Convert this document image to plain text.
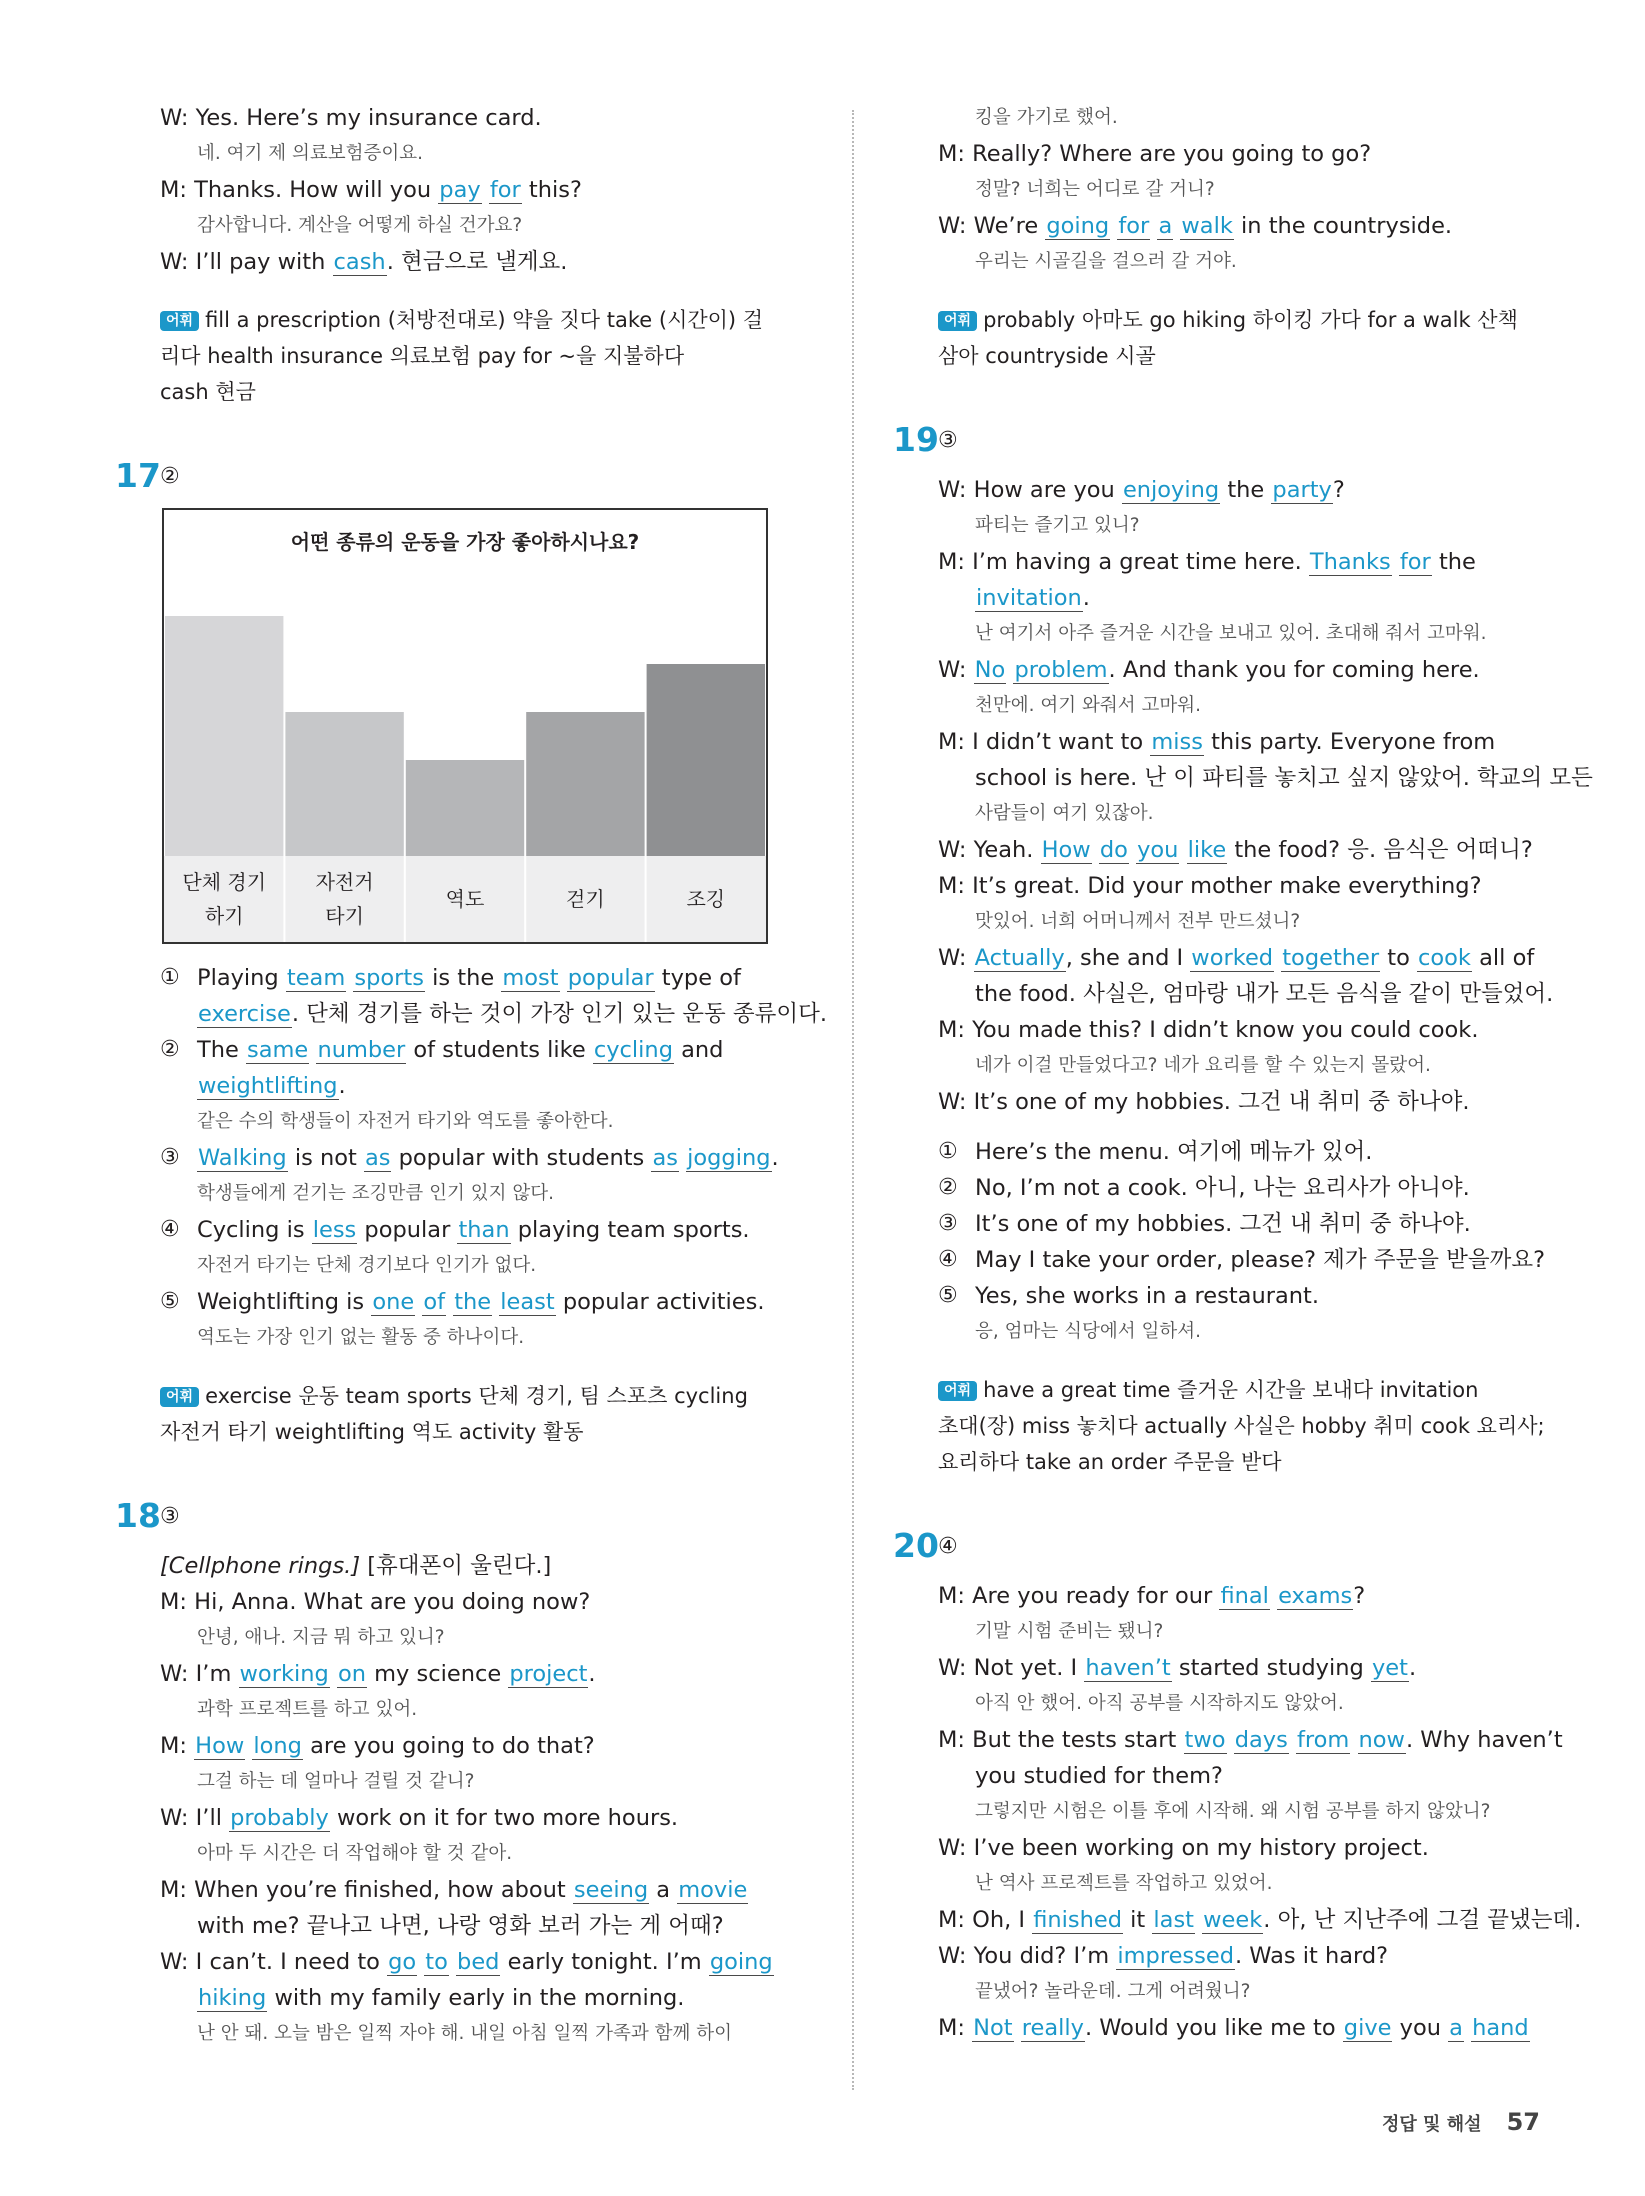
W: Yes. Here’s my insurance card.
네. 여기 제 의료보험증이요.
M: Thanks. How will you pay for this?
감사합니다. 계산을 어떻게 하실 건가요?
W: I’ll pay with cash. 현금으로 낼게요.
어휘 fill a prescription (처방전대로) 약을 짓다 take (시간이) 걸
리다 health insurance 의료보험 pay for ~을 지불하다
cash 현금
17 ②
어떤 종류의 운동을 가장 좋아하시나요?
단체 경기
하기
자전거
타기
역도	걷기	조깅
① Playing team sports is the most popular type of
exercise. 단체 경기를 하는 것이 가장 인기 있는 운동 종류이다.
② The same number of students like cycling and
weightlifting.
같은 수의 학생들이 자전거 타기와 역도를 좋아한다.
③ Walking is not as popular with students as jogging.
학생들에게 걷기는 조깅만큼 인기 있지 않다.
④ Cycling is less popular than playing team sports.
자전거 타기는 단체 경기보다 인기가 없다.
⑤ Weightlifting is one of the least popular activities.
역도는 가장 인기 없는 활동 중 하나이다.
어휘 exercise 운동 team sports 단체 경기, 팀 스포츠 cycling
자전거 타기 weightlifting 역도 activity 활동
18 ③
[Cellphone rings.] [휴대폰이 울린다.]
M: Hi, Anna. What are you doing now?
안녕, 애나. 지금 뭐 하고 있니?
W: I’m working on my science project.
과학 프로젝트를 하고 있어.
M: How long are you going to do that?
그걸 하는 데 얼마나 걸릴 것 같니?
W: I’ll probably work on it for two more hours.
아마 두 시간은 더 작업해야 할 것 같아.
M: When you’re finished, how about seeing a movie
with me? 끝나고 나면, 나랑 영화 보러 가는 게 어때?
W: I can’t. I need to go to bed early tonight. I’m going
hiking with my family early in the morning.
난 안 돼. 오늘 밤은 일찍 자야 해. 내일 아침 일찍 가족과 함께 하이
킹을 가기로 했어.
M: Really? Where are you going to go?
정말? 너희는 어디로 갈 거니?
W: We’re going for a walk in the countryside.
우리는 시골길을 걸으러 갈 거야.
어휘 probably 아마도 go hiking 하이킹 가다 for a walk 산책
삼아 countryside 시골
19 ③
W: How are you enjoying the party?
파티는 즐기고 있니?
M: I’m having a great time here. Thanks for the
invitation.
난 여기서 아주 즐거운 시간을 보내고 있어. 초대해 줘서 고마워.
W: No problem. And thank you for coming here.
천만에. 여기 와줘서 고마워.
M: I didn’t want to miss this party. Everyone from
school is here. 난 이 파티를 놓치고 싶지 않았어. 학교의 모든
사람들이 여기 있잖아.
W: Yeah. How do you like the food? 응. 음식은 어떠니?
M: It’s great. Did your mother make everything?
맛있어. 너희 어머니께서 전부 만드셨니?
W: Actually, she and I worked together to cook all of
the food. 사실은, 엄마랑 내가 모든 음식을 같이 만들었어.
M: You made this? I didn’t know you could cook.
네가 이걸 만들었다고? 네가 요리를 할 수 있는지 몰랐어.
W: It’s one of my hobbies. 그건 내 취미 중 하나야.
① Here’s the menu. 여기에 메뉴가 있어.
② No, I’m not a cook. 아니, 나는 요리사가 아니야.
③ It’s one of my hobbies. 그건 내 취미 중 하나야.
④ May I take your order, please? 제가 주문을 받을까요?
⑤ Yes, she works in a restaurant.
응, 엄마는 식당에서 일하셔.
어휘 have a great time 즐거운 시간을 보내다 invitation
초대(장) miss 놓치다 actually 사실은 hobby 취미 cook 요리사;
요리하다 take an order 주문을 받다
20 ④
M: Are you ready for our final exams?
기말 시험 준비는 됐니?
W: Not yet. I haven’t started studying yet.
아직 안 했어. 아직 공부를 시작하지도 않았어.
M: But the tests start two days from now. Why haven’t
you studied for them?
그렇지만 시험은 이틀 후에 시작해. 왜 시험 공부를 하지 않았니?
W: I’ve been working on my history project.
난 역사 프로젝트를 작업하고 있었어.
M: Oh, I finished it last week. 아, 난 지난주에 그걸 끝냈는데.
W: You did? I’m impressed. Was it hard?
끝냈어? 놀라운데. 그게 어려웠니?
M: Not really. Would you like me to give you a hand
정답 및 해설 57
